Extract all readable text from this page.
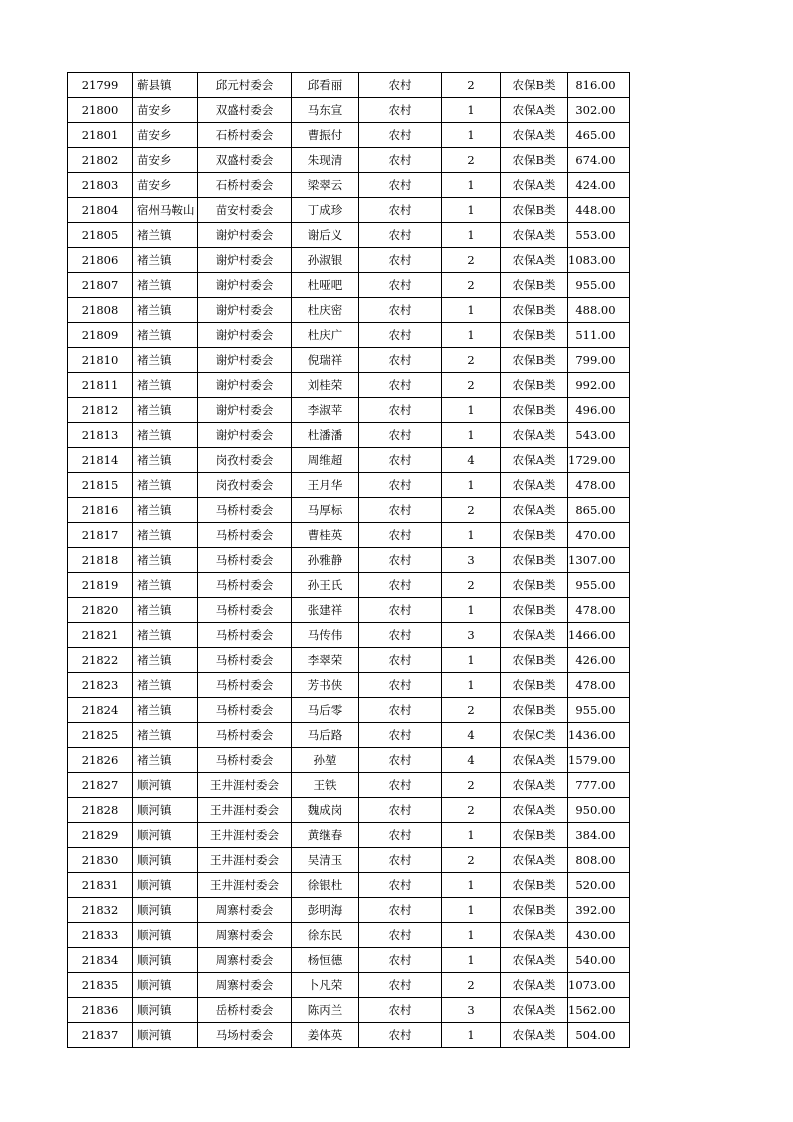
21799	蕲县镇	邱元村委会	邱看丽	农村	2	农保B类	816.00
21800	苗安乡	双盛村委会	马东宣	农村	1	农保A类	302.00
21801	苗安乡	石桥村委会	曹振付	农村	1	农保A类	465.00
21802	苗安乡	双盛村委会	朱现清	农村	2	农保B类	674.00
21803	苗安乡	石桥村委会	梁翠云	农村	1	农保A类	424.00
21804	宿州马鞍山	苗安村委会	丁成珍	农村	1	农保B类	448.00
21805	褚兰镇	谢炉村委会	谢后义	农村	1	农保A类	553.00
21806	褚兰镇	谢炉村委会	孙淑银	农村	2	农保A类	1083.00
21807	褚兰镇	谢炉村委会	杜哑吧	农村	2	农保B类	955.00
21808	褚兰镇	谢炉村委会	杜庆密	农村	1	农保B类	488.00
21809	褚兰镇	谢炉村委会	杜庆广	农村	1	农保B类	511.00
21810	褚兰镇	谢炉村委会	倪瑞祥	农村	2	农保B类	799.00
21811	褚兰镇	谢炉村委会	刘桂荣	农村	2	农保B类	992.00
21812	褚兰镇	谢炉村委会	李淑苹	农村	1	农保B类	496.00
21813	褚兰镇	谢炉村委会	杜潘潘	农村	1	农保A类	543.00
21814	褚兰镇	岗孜村委会	周维超	农村	4	农保A类	1729.00
21815	褚兰镇	岗孜村委会	王月华	农村	1	农保A类	478.00
21816	褚兰镇	马桥村委会	马厚标	农村	2	农保A类	865.00
21817	褚兰镇	马桥村委会	曹桂英	农村	1	农保B类	470.00
21818	褚兰镇	马桥村委会	孙雅静	农村	3	农保B类	1307.00
21819	褚兰镇	马桥村委会	孙王氏	农村	2	农保B类	955.00
21820	褚兰镇	马桥村委会	张建祥	农村	1	农保B类	478.00
21821	褚兰镇	马桥村委会	马传伟	农村	3	农保A类	1466.00
21822	褚兰镇	马桥村委会	李翠荣	农村	1	农保B类	426.00
21823	褚兰镇	马桥村委会	芳书侠	农村	1	农保B类	478.00
21824	褚兰镇	马桥村委会	马后零	农村	2	农保B类	955.00
21825	褚兰镇	马桥村委会	马后路	农村	4	农保C类	1436.00
21826	褚兰镇	马桥村委会	孙堃	农村	4	农保A类	1579.00
21827	顺河镇	王井涯村委会	王铁	农村	2	农保A类	777.00
21828	顺河镇	王井涯村委会	魏成岗	农村	2	农保A类	950.00
21829	顺河镇	王井涯村委会	黄继春	农村	1	农保B类	384.00
21830	顺河镇	王井涯村委会	吴清玉	农村	2	农保A类	808.00
21831	顺河镇	王井涯村委会	徐银杜	农村	1	农保B类	520.00
21832	顺河镇	周寨村委会	彭明海	农村	1	农保B类	392.00
21833	顺河镇	周寨村委会	徐东民	农村	1	农保A类	430.00
21834	顺河镇	周寨村委会	杨恒德	农村	1	农保A类	540.00
21835	顺河镇	周寨村委会	卜凡荣	农村	2	农保A类	1073.00
21836	顺河镇	岳桥村委会	陈丙兰	农村	3	农保A类	1562.00
21837	顺河镇	马场村委会	姜体英	农村	1	农保A类	504.00
